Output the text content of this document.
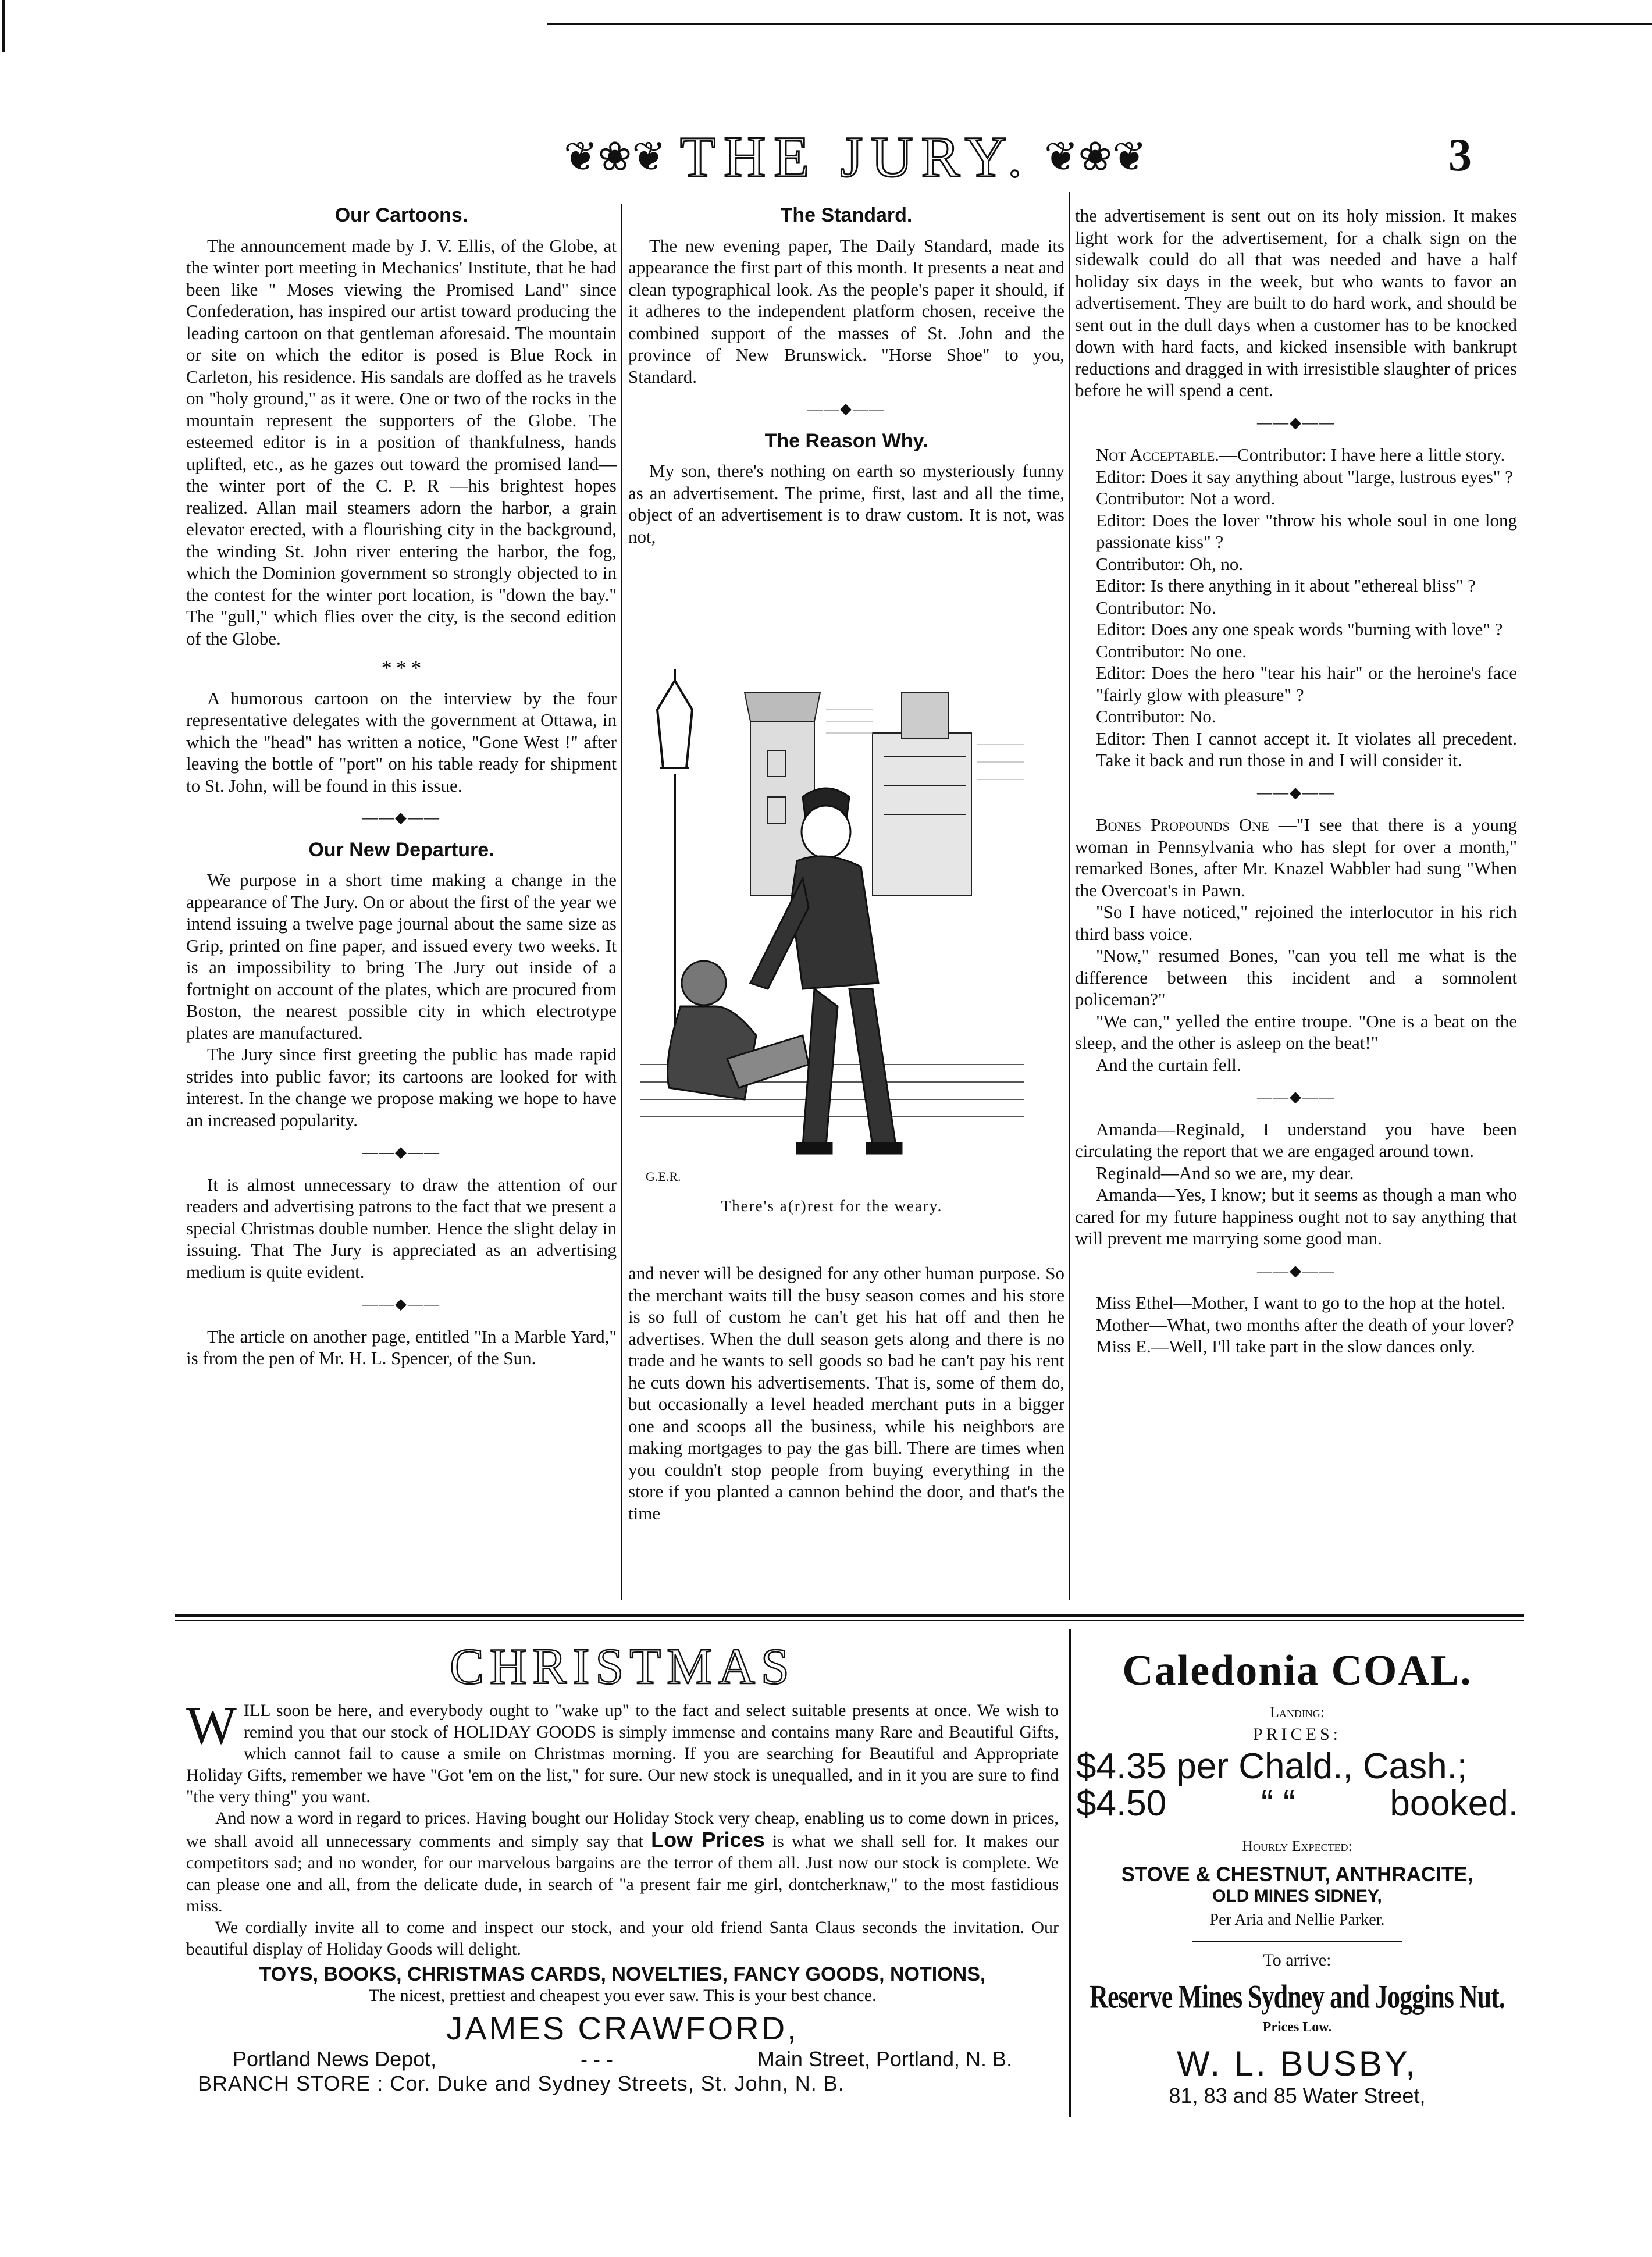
❦❀❦ THE JURY. ❦❀❦	3
Our Cartoons.

The announcement made by J. V. Ellis, of the Globe, at the winter port meeting in Mechanics' Institute, that he had been like " Moses viewing the Promised Land" since Confederation, has inspired our artist toward producing the leading cartoon on that gentleman aforesaid. The mountain or site on which the editor is posed is Blue Rock in Carleton, his residence. His sandals are doffed as he travels on "holy ground," as it were. One or two of the rocks in the mountain represent the supporters of the Globe. The esteemed editor is in a position of thankfulness, hands uplifted, etc., as he gazes out toward the promised land—the winter port of the C. P. R —his brightest hopes realized. Allan mail steamers adorn the harbor, a grain elevator erected, with a flourishing city in the background, the winding St. John river entering the harbor, the fog, which the Dominion government so strongly objected to in the contest for the winter port location, is "down the bay." The "gull," which flies over the city, is the second edition of the Globe.

* * *

A humorous cartoon on the interview by the four representative delegates with the government at Ottawa, in which the "head" has written a notice, "Gone West !" after leaving the bottle of "port" on his table ready for shipment to St. John, will be found in this issue.

——◆——
Our New Departure.

We purpose in a short time making a change in the appearance of The Jury. On or about the first of the year we intend issuing a twelve page journal about the same size as Grip, printed on fine paper, and issued every two weeks. It is an impossibility to bring The Jury out inside of a fortnight on account of the plates, which are procured from Boston, the nearest possible city in which electrotype plates are manufactured.

The Jury since first greeting the public has made rapid strides into public favor; its cartoons are looked for with interest. In the change we propose making we hope to have an increased popularity.

——◆——

It is almost unnecessary to draw the attention of our readers and advertising patrons to the fact that we present a special Christmas double number. Hence the slight delay in issuing. That The Jury is appreciated as an advertising medium is quite evident.

——◆——

The article on another page, entitled "In a Marble Yard," is from the pen of Mr. H. L. Spencer, of the Sun.

The Standard.

The new evening paper, The Daily Standard, made its appearance the first part of this month. It presents a neat and clean typographical look. As the people's paper it should, if it adheres to the independent platform chosen, receive the combined support of the masses of St. John and the province of New Brunswick. "Horse Shoe" to you, Standard.

——◆——
The Reason Why.

My son, there's nothing on earth so mysteriously funny as an advertisement. The prime, first, last and all the time, object of an advertisement is to draw custom. It is not, was not,

G.E.R.
There's a(r)rest for the weary.

and never will be designed for any other human purpose. So the merchant waits till the busy season comes and his store is so full of custom he can't get his hat off and then he advertises. When the dull season gets along and there is no trade and he wants to sell goods so bad he can't pay his rent he cuts down his advertisements. That is, some of them do, but occasionally a level headed merchant puts in a bigger one and scoops all the business, while his neighbors are making mortgages to pay the gas bill. There are times when you couldn't stop people from buying everything in the store if you planted a cannon behind the door, and that's the time

the advertisement is sent out on its holy mission. It makes light work for the advertisement, for a chalk sign on the sidewalk could do all that was needed and have a half holiday six days in the week, but who wants to favor an advertisement. They are built to do hard work, and should be sent out in the dull days when a customer has to be knocked down with hard facts, and kicked insensible with bankrupt reductions and dragged in with irresistible slaughter of prices before he will spend a cent.

——◆——

Not Acceptable.—Contributor: I have here a little story.

Editor: Does it say anything about "large, lustrous eyes" ?

Contributor: Not a word.

Editor: Does the lover "throw his whole soul in one long passionate kiss" ?

Contributor: Oh, no.

Editor: Is there anything in it about "ethereal bliss" ?

Contributor: No.

Editor: Does any one speak words "burning with love" ?

Contributor: No one.

Editor: Does the hero "tear his hair" or the heroine's face "fairly glow with pleasure" ?

Contributor: No.

Editor: Then I cannot accept it. It violates all precedent. Take it back and run those in and I will consider it.

——◆——

Bones Propounds One —"I see that there is a young woman in Pennsylvania who has slept for over a month," remarked Bones, after Mr. Knazel Wabbler had sung "When the Overcoat's in Pawn.

"So I have noticed," rejoined the interlocutor in his rich third bass voice.

"Now," resumed Bones, "can you tell me what is the difference between this incident and a somnolent policeman?"

"We can," yelled the entire troupe. "One is a beat on the sleep, and the other is asleep on the beat!"

And the curtain fell.

——◆——

Amanda—Reginald, I understand you have been circulating the report that we are engaged around town.

Reginald—And so we are, my dear.

Amanda—Yes, I know; but it seems as though a man who cared for my future happiness ought not to say anything that will prevent me marrying some good man.

——◆——

Miss Ethel—Mother, I want to go to the hop at the hotel.

Mother—What, two months after the death of your lover?

Miss E.—Well, I'll take part in the slow dances only.

CHRISTMAS

WILL soon be here, and everybody ought to "wake up" to the fact and select suitable presents at once. We wish to remind you that our stock of HOLIDAY GOODS is simply immense and contains many Rare and Beautiful Gifts, which cannot fail to cause a smile on Christmas morning. If you are searching for Beautiful and Appropriate Holiday Gifts, remember we have "Got 'em on the list," for sure. Our new stock is unequalled, and in it you are sure to find "the very thing" you want.

And now a word in regard to prices. Having bought our Holiday Stock very cheap, enabling us to come down in prices, we shall avoid all unnecessary comments and simply say that Low Prices is what we shall sell for. It makes our competitors sad; and no wonder, for our marvelous bargains are the terror of them all. Just now our stock is complete. We can please one and all, from the delicate dude, in search of "a present fair me girl, dontcherknaw," to the most fastidious miss.

We cordially invite all to come and inspect our stock, and your old friend Santa Claus seconds the invitation. Our beautiful display of Holiday Goods will delight.

TOYS, BOOKS, CHRISTMAS CARDS, NOVELTIES, FANCY GOODS, NOTIONS,
The nicest, prettiest and cheapest you ever saw. This is your best chance.
JAMES CRAWFORD,
Portland News Depot,	- - -	Main Street, Portland, N. B.
BRANCH STORE : Cor. Duke and Sydney Streets, St. John, N. B.
Caledonia COAL.
Landing:
PRICES:
$4.35 per Chald., Cash.;
$4.50	“ “	booked.
Hourly Expected:
STOVE & CHESTNUT, ANTHRACITE,
OLD MINES SIDNEY,
Per Aria and Nellie Parker.
To arrive:
Reserve Mines Sydney and Joggins Nut.
Prices Low.
W. L. BUSBY,
81, 83 and 85 Water Street,
